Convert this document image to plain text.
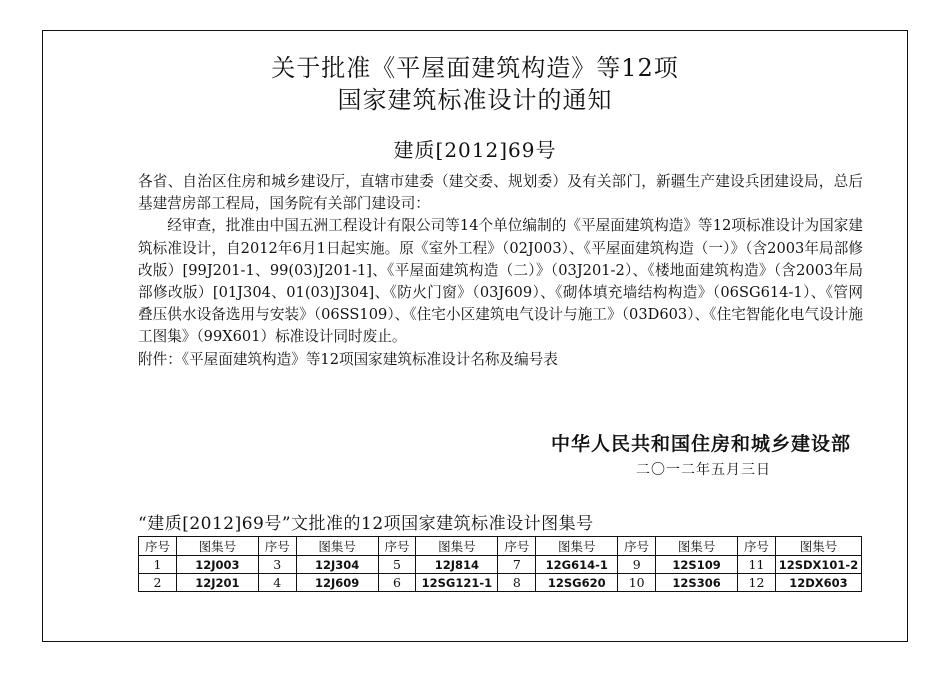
关于批准《平屋面建筑构造》等12项
国家建筑标准设计的通知
建质[2012]69号

各省、自治区住房和城乡建设厅，直辖市建委（建交委、规划委）及有关部门，新疆生产建设兵团建设局，总后基建营房部工程局，国务院有关部门建设司：

经审查，批准由中国五洲工程设计有限公司等14个单位编制的《平屋面建筑构造》等12项标准设计为国家建筑标准设计，自2012年6月1日起实施。原《室外工程》（02J003）、《平屋面建筑构造（一）》（含2003年局部修改版）[99J201-1、99(03)J201-1]、《平屋面建筑构造（二）》（03J201-2）、《楼地面建筑构造》（含2003年局部修改版）[01J304、01(03)J304]、《防火门窗》（03J609）、《砌体填充墙结构构造》（06SG614-1）、《管网叠压供水设备选用与安装》（06SS109）、《住宅小区建筑电气设计与施工》（03D603）、《住宅智能化电气设计施工图集》（99X601）标准设计同时废止。

附件：《平屋面建筑构造》等12项国家建筑标准设计名称及编号表

中华人民共和国住房和城乡建设部
二〇一二年五月三日
“建质[2012]69号”文批准的12项国家建筑标准设计图集号
序号	图集号	序号	图集号	序号	图集号	序号	图集号	序号	图集号	序号	图集号
1	12J003	3	12J304	5	12J814	7	12G614-1	9	12S109	11	12SDX101-2
2	12J201	4	12J609	6	12SG121-1	8	12SG620	10	12S306	12	12DX603
